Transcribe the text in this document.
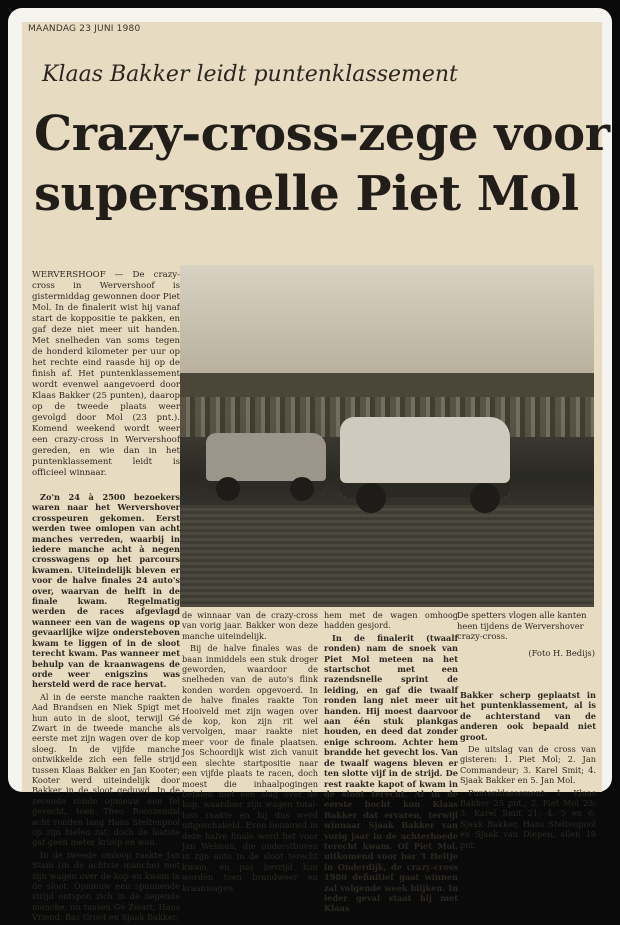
MAANDAG 23 JUNI 1980
Klaas Bakker leidt puntenklassement
Crazy-cross-zege voor
supersnelle Piet Mol

WERVERSHOOF — De crazy-cross in Wervershoof is gistermiddag gewonnen door Piet Mol. In de finalerit wist hij vanaf start de koppositie te pakken, en gaf deze niet meer uit handen. Met snelheden van soms tegen de honderd kilometer per uur op het rechte eind raasde hij op de finish af. Het puntenklassement wordt evenwel aangevoerd door Klaas Bakker (25 punten), daarop op de tweede plaats weer gevolgd door Mol (23 pnt.). Komend weekend wordt weer een crazy-cross in Wervershoof gereden, en wie dan in het puntenklassement leidt is officieel winnaar.

Zo'n 24 à 2500 bezoekers waren naar het Wervershover crosspeuren gekomen. Eerst werden twee omlopen van acht manches verreden, waarbij in iedere manche acht à negen crosswagens op het parcours kwamen. Uiteindelijk bleven er voor de halve finales 24 auto's over, waarvan de helft in de finale kwam. Regelmatig werden de races afgevlagd wanneer een van de wagens op gevaarlijke wijze ondersteboven kwam te liggen of in de sloot terecht kwam. Pas wanneer met behulp van de kraanwagens de orde weer enigszins was hersteld werd de race hervat.

Al in de eerste manche raakten Aad Brandsen en Niek Spigt met hun auto in de sloot, terwijl Gé Zwart in de tweede manche als eerste met zijn wagen over de kop sloeg. In de vijfde manche ontwikkelde zich een felle strijd tussen Klaas Bakker en Jan Kooter; Kooter werd uiteindelijk door Bakker in de sloot geduwd. In de zevende ronde opnieuw een fel gevecht, toen Theo Rooszendal acht ronden lang Hans Steltenpool op zijn hielen zat; doch de laatste gaf geen meter krimp en won.

In de tweede omloop raakte Jan Stam (in de achtste manche) met zijn wagen over de kop en kwam in de sloot. Opnieuw een spannende strijd ontspon zich in de negende manche, nu tussen Gé Zwart, Hans Vriend, Bas Groot en Sjaak Bakker,

de winnaar van de crazy-cross van vorig jaar. Bakker won deze manche uiteindelijk.

Bij de halve finales was de baan inmiddels een stuk droger geworden, waardoor de snelheden van de auto's flink konden worden opgevoerd. In de halve finales raakte Ton Hooiveld met zijn wagen over de kop, kon zijn rit wel vervolgen, maar raakte niet meer voor de finale plaatsen. Jos Schoordijk wist zich vanuit een slechte startpositie naar een vijfde plaats te racen, doch moest die inhaalpogingen betalen met een slag over de kop, waardoor zijn wagen total-loss raakte en hij dus werd uitgeschakeld. Even benauwd in deze halve finale werd het voor Jan Welman, die onderstboven in zijn auto in de sloot terecht kwam, en pas bevrijd kon worden toen brandweer en kraanwagen

hem met de wagen omhoog hadden gesjord.

In de finalerit (twaalf ronden) nam de snoek van Piet Mol meteen na het startschot met een razendsnelle sprint de leiding, en gaf die twaalf ronden lang niet meer uit handen. Hij moest daarvoor aan één stuk plankgas houden, en deed dat zonder enige schroom. Achter hem brandde het gevecht los. Van de twaalf wagens bleven er ten slotte vijf in de strijd. De rest raakte kapot of kwam in de sloot terecht. Al in de eerste bocht kon Klaas Bakker dat ervaren, terwijl winnaar Sjaak Bakker van vorig jaar in de achterhoede terecht kwam. Of Piet Mol, uitkomend voor bar 't Heitje in Onderdijk, de crazy-cross 1980 definitief gaat winnen zal volgende week blijken. In ieder geval staat hij met Klaas

De spetters vlogen alle kanten heen tijdens de Wervershover crazy-cross.
(Foto H. Bedijs)

Bakker scherp geplaatst in het puntenklassement, al is de achterstand van de anderen ook bepaald niet groot.

De uitslag van de cross van gisteren: 1. Piet Mol; 2. Jan Commandeur; 3. Karel Smit; 4. Sjaak Bakker en 5. Jan Mol.

Puntenklassement: 1. Klaas Bakker 25 pnt.; 2. Piet Mol 23; 3. Karel Smit 21; 4. 5 en 6. Sjaak Bakker, Hans Steltenpool en Sjaak van Diepen, allen 19 pnt.
